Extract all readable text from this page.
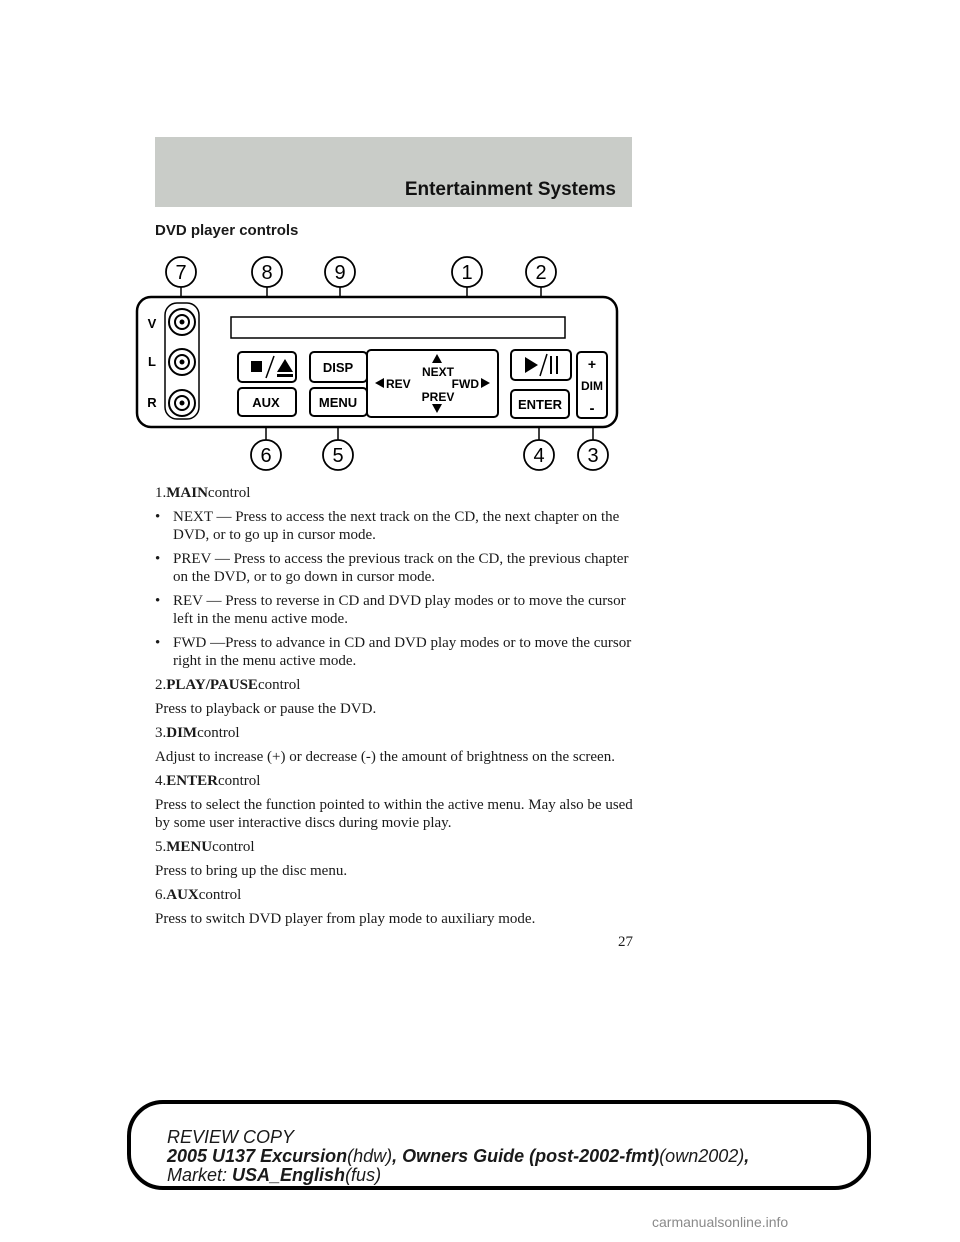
Entertainment Systems
DVD player controls
V
L
R
DISP
AUX	MENU
NEXT
REV	FWD
PREV	ENTER
+
DIM
-
7	8	9	1	2
6	5	4 3

1.MAINcontrol

• NEXT — Press to access the next track on the CD, the next chapter on the DVD, or to go up in cursor mode.
• PREV — Press to access the previous track on the CD, the previous chapter on the DVD, or to go down in cursor mode.
• REV — Press to reverse in CD and DVD play modes or to move the cursor left in the menu active mode.
• FWD —Press to advance in CD and DVD play modes or to move the cursor right in the menu active mode.

2.PLAY/PAUSEcontrol

Press to playback or pause the DVD.

3.DIMcontrol

Adjust to increase (+) or decrease (-) the amount of brightness on the screen.

4.ENTERcontrol

Press to select the function pointed to within the active menu. May also be used by some user interactive discs during movie play.

5.MENUcontrol

Press to bring up the disc menu.

6.AUXcontrol

Press to switch DVD player from play mode to auxiliary mode.

27
REVIEW COPY
2005 U137 Excursion(hdw), Owners Guide (post-2002-fmt)(own2002),
Market: USA_English(fus)
carmanualsonline.info
